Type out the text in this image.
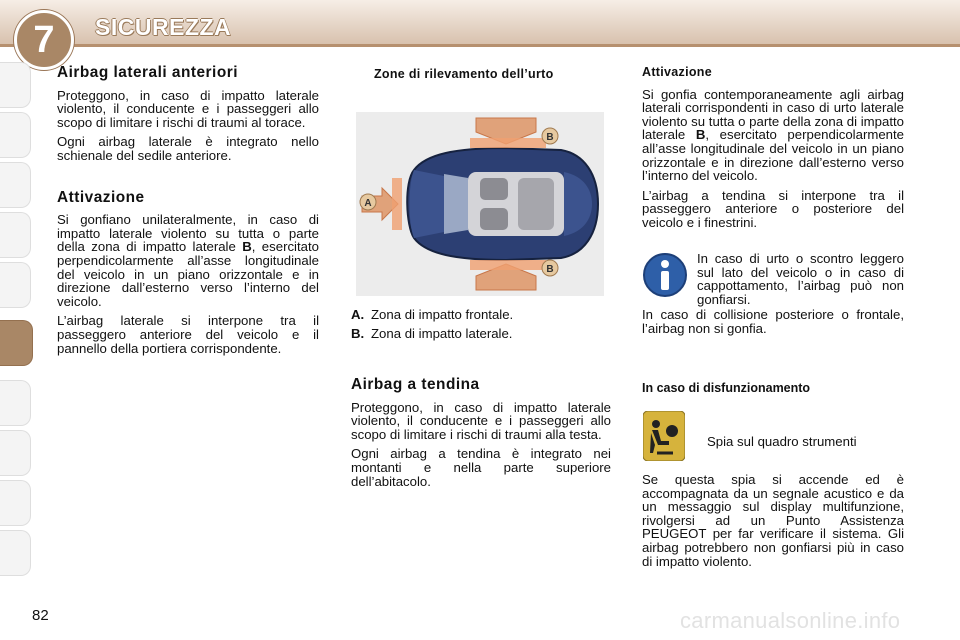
7	SICUREZZA
Airbag laterali anteriori

Proteggono, in caso di impatto laterale violento, il conducente e i passeggeri allo scopo di limitare i rischi di traumi al torace.

Ogni airbag laterale è integrato nello schienale del sedile anteriore.

Attivazione

Si gonfiano unilateralmente, in caso di impatto laterale violento su tutta o parte della zona di impatto laterale B, esercitato perpendicolarmente all’asse longitudinale del veicolo in un piano orizzontale e in direzione dall’esterno verso l’interno del veicolo.

L’airbag laterale si interpone tra il passeggero anteriore del veicolo e il pannello della portiera corrispondente.

Zone di rilevamento dell’urto
A
B
B
A. Zona di impatto frontale.
B. Zona di impatto laterale.
Airbag a tendina

Proteggono, in caso di impatto laterale violento, il conducente e i passeggeri allo scopo di limitare i rischi di traumi alla testa.

Ogni airbag a tendina è integrato nei montanti e nella parte superiore dell’abitacolo.

Attivazione

Si gonfia contemporaneamente agli airbag laterali corrispondenti in caso di urto laterale violento su tutta o parte della zona di impatto laterale B, esercitato perpendicolarmente all’asse longitudinale del veicolo in un piano orizzontale e in direzione dall’esterno verso l’interno del veicolo.

L’airbag a tendina si interpone tra il passeggero anteriore o posteriore del veicolo e i finestrini.

In caso di urto o scontro leggero sul lato del veicolo o in caso di cappottamento, l’airbag può non gonfiarsi.
In caso di collisione posteriore o frontale, l’airbag non si gonfia.
In caso di disfunzionamento
Spia sul quadro strumenti

Se questa spia si accende ed è accompagnata da un segnale acustico e da un messaggio sul display multifunzione, rivolgersi ad un Punto Assistenza PEUGEOT per far verificare il sistema. Gli airbag potrebbero non gonfiarsi più in caso di impatto violento.

82	carmanualsonline.info
